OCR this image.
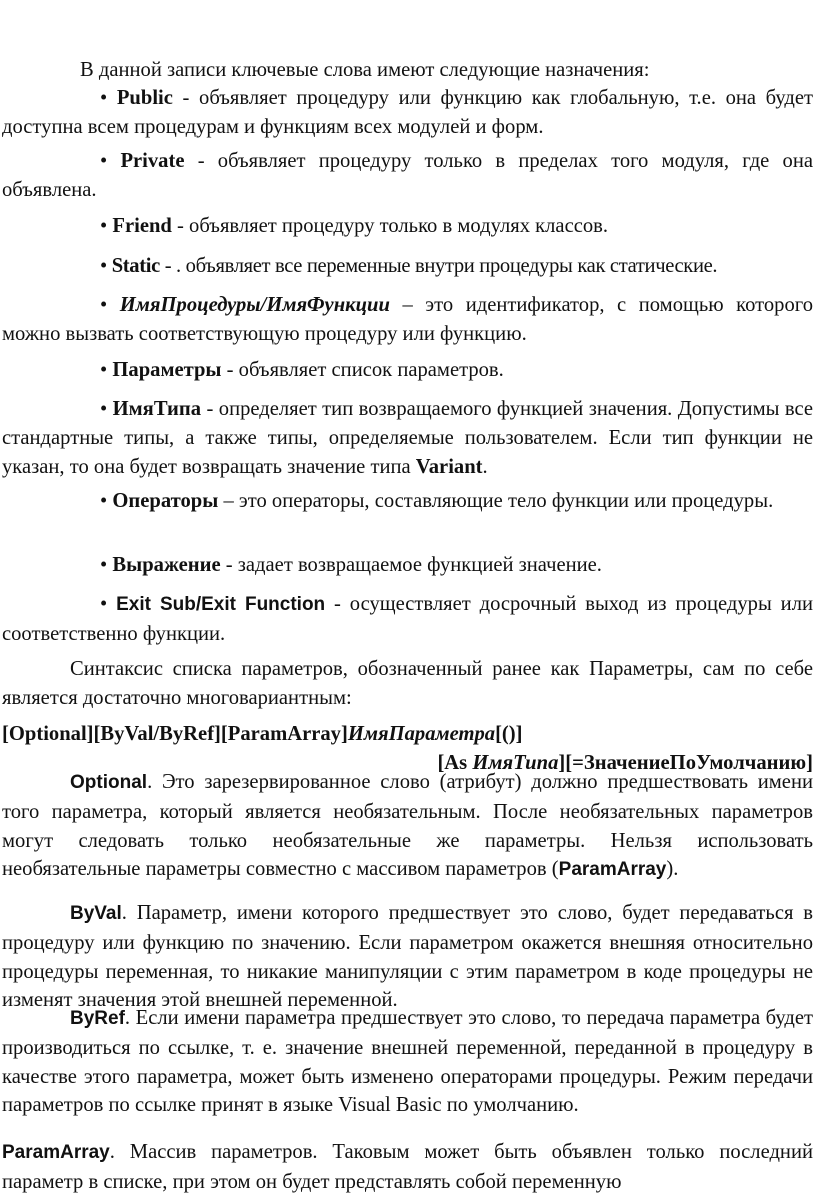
В данной записи ключевые слова имеют следующие назначения:

• Public - объявляет процедуру или функцию как глобальную, т.е. она будет доступна всем процедурам и функциям всех модулей и форм.

• Private - объявляет процедуру только в пределах того модуля, где она объявлена.

• Friend - объявляет процедуру только в модулях классов.

• Static - . объявляет все переменные внутри процедуры как статические.

• ИмяПроцедуры/ИмяФункции – это идентификатор, с помощью которого можно вызвать соответствующую процедуру или функцию.

• Параметры - объявляет список параметров.

• ИмяТипа - определяет тип возвращаемого функцией значения. Допустимы все стандартные типы, а также типы, определяемые пользователем. Если тип функции не указан, то она будет возвращать значение типа Variant.

• Операторы – это операторы, составляющие тело функции или процедуры.

• Выражение - задает возвращаемое функцией значение.

• Exit Sub/Exit Function - осуществляет досрочный выход из процедуры или соответственно функции.

Синтаксис списка параметров, обозначенный ранее как Параметры, сам по себе является достаточно многовариантным:

[Optional][ByVal/ByRef][ParamArray]ИмяПараметра[()]

[As ИмяТипа][=ЗначениеПоУмолчанию]

Optional. Это зарезервированное слово (атрибут) должно предшествовать имени того параметра, который является необязательным. После необязательных параметров могут следовать только необязательные же параметры. Нельзя использовать необязательные параметры совместно с массивом параметров (ParamArray).

ByVal. Параметр, имени которого предшествует это слово, будет передаваться в процедуру или функцию по значению. Если параметром окажется внешняя относительно процедуры переменная, то никакие манипуляции с этим параметром в коде процедуры не изменят значения этой внешней переменной.

ByRef. Если имени параметра предшествует это слово, то передача параметра будет производиться по ссылке, т. е. значение внешней переменной, переданной в процедуру в качестве этого параметра, может быть изменено операторами процедуры. Режим передачи параметров по ссылке принят в языке Visual Basic по умолчанию.

ParamArray. Массив параметров. Таковым может быть объявлен только последний параметр в списке, при этом он будет представлять собой переменную
